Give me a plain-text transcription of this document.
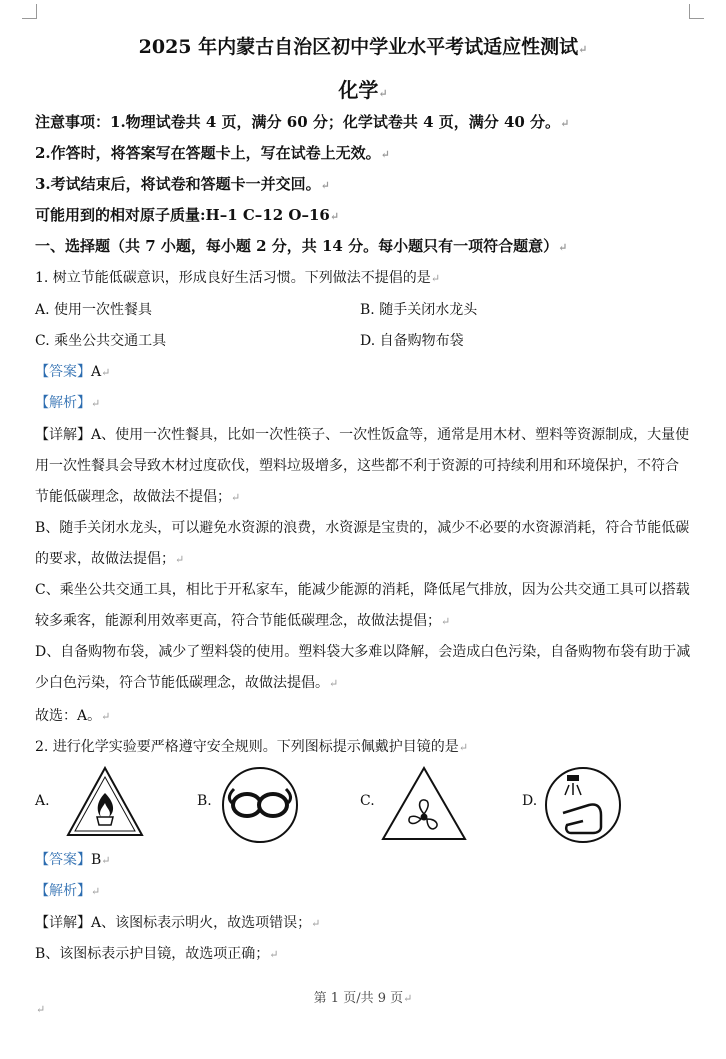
2025 年内蒙古自治区初中学业水平考试适应性测试↵
化学↵
注意事项：1.物理试卷共 4 页，满分 60 分；化学试卷共 4 页，满分 40 分。↵
2.作答时，将答案写在答题卡上，写在试卷上无效。↵
3.考试结束后，将试卷和答题卡一并交回。↵
可能用到的相对原子质量:H–1 C–12 O–16↵
一、选择题（共 7 小题，每小题 2 分，共 14 分。每小题只有一项符合题意）↵
1. 树立节能低碳意识，形成良好生活习惯。下列做法不提倡的是↵
A. 使用一次性餐具	B. 随手关闭水龙头
C. 乘坐公共交通工具	D. 自备购物布袋
【答案】A↵
【解析】↵
【详解】A、使用一次性餐具，比如一次性筷子、一次性饭盒等，通常是用木材、塑料等资源制成，大量使用一次性餐具会导致木材过度砍伐，塑料垃圾增多，这些都不利于资源的可持续利用和环境保护，不符合节能低碳理念，故做法不提倡；↵
B、随手关闭水龙头，可以避免水资源的浪费，水资源是宝贵的，减少不必要的水资源消耗，符合节能低碳的要求，故做法提倡；↵
C、乘坐公共交通工具，相比于开私家车，能减少能源的消耗，降低尾气排放，因为公共交通工具可以搭载较多乘客，能源利用效率更高，符合节能低碳理念，故做法提倡；↵
D、自备购物布袋，减少了塑料袋的使用。塑料袋大多难以降解，会造成白色污染，自备购物布袋有助于减少白色污染，符合节能低碳理念，故做法提倡。↵
故选：A。↵
2. 进行化学实验要严格遵守安全规则。下列图标提示佩戴护目镜的是↵
A.	B.	C.	D.
【答案】B↵
【解析】↵
【详解】A、该图标表示明火，故选项错误；↵
B、该图标表示护目镜，故选项正确；↵
第 1 页/共 9 页↵
↵
